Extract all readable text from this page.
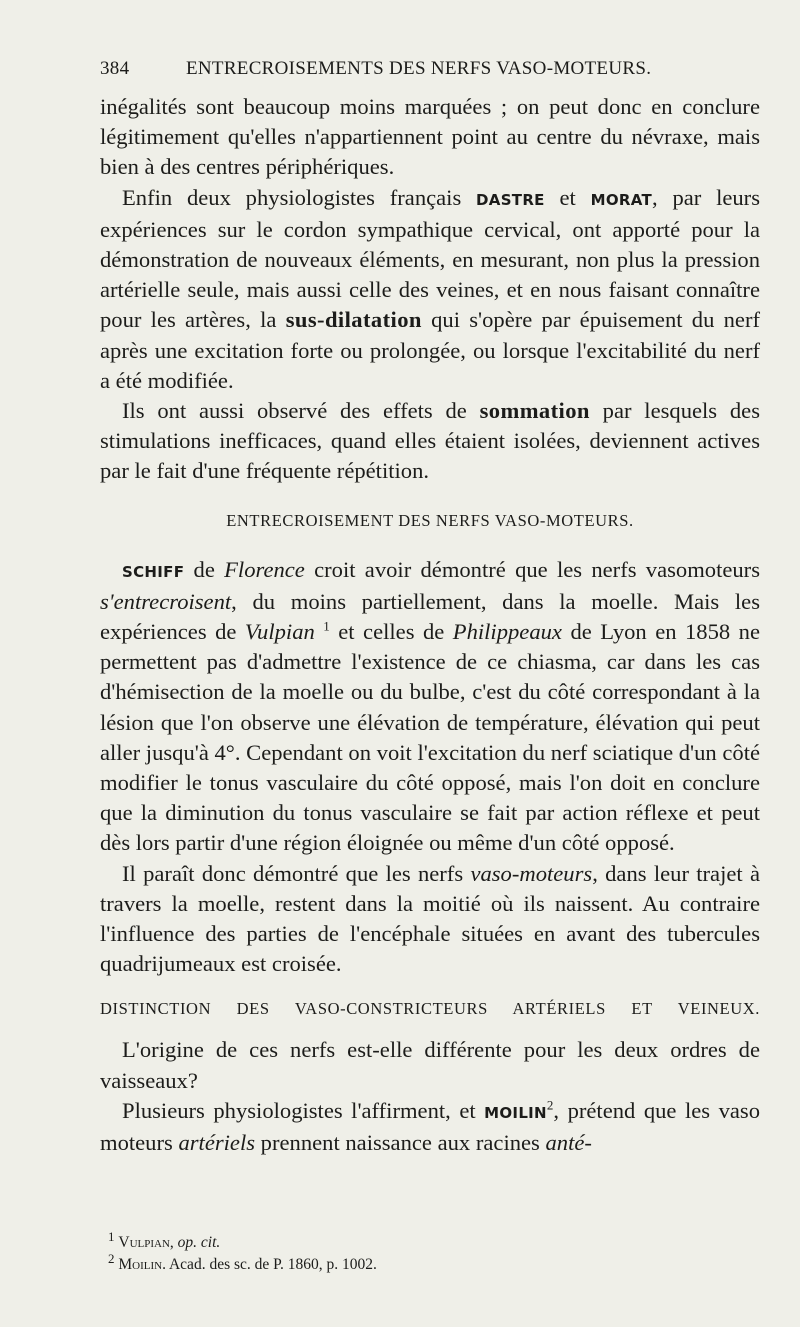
384	ENTRECROISEMENTS DES NERFS VASO-MOTEURS.

inégalités sont beaucoup moins marquées ; on peut donc en conclure légitimement qu'elles n'appartiennent point au centre du névraxe, mais bien à des centres périphériques.

Enfin deux physiologistes français DASTRE et MORAT, par leurs expériences sur le cordon sympathique cervical, ont apporté pour la démonstration de nouveaux éléments, en mesurant, non plus la pression artérielle seule, mais aussi celle des veines, et en nous faisant connaître pour les artères, la sus-dilatation qui s'opère par épuisement du nerf après une excitation forte ou prolongée, ou lorsque l'excitabilité du nerf a été modifiée.

Ils ont aussi observé des effets de sommation par lesquels des stimulations inefficaces, quand elles étaient isolées, deviennent actives par le fait d'une fréquente répétition.

ENTRECROISEMENT DES NERFS VASO-MOTEURS.

SCHIFF de Florence croit avoir démontré que les nerfs vasomoteurs s'entrecroisent, du moins partiellement, dans la moelle. Mais les expériences de Vulpian $^1$ et celles de Philippeaux de Lyon en 1858 ne permettent pas d'admettre l'existence de ce chiasma, car dans les cas d'hémisection de la moelle ou du bulbe, c'est du côté correspondant à la lésion que l'on observe une élévation de température, élévation qui peut aller jusqu'à 4°. Cependant on voit l'excitation du nerf sciatique d'un côté modifier le tonus vasculaire du côté opposé, mais l'on doit en conclure que la diminution du tonus vasculaire se fait par action réflexe et peut dès lors partir d'une région éloignée ou même d'un côté opposé.

Il paraît donc démontré que les nerfs vaso-moteurs, dans leur trajet à travers la moelle, restent dans la moitié où ils naissent. Au contraire l'influence des parties de l'encéphale situées en avant des tubercules quadrijumeaux est croisée.

DISTINCTION DES VASO-CONSTRICTEURS ARTÉRIELS ET VEINEUX.

L'origine de ces nerfs est-elle différente pour les deux ordres de vaisseaux?

Plusieurs physiologistes l'affirment, et MOILIN$^2$, prétend que les vaso moteurs artériels prennent naissance aux racines anté-

$^1$ Vulpian, op. cit.
$^2$ Moilin. Acad. des sc. de P. 1860, p. 1002.
